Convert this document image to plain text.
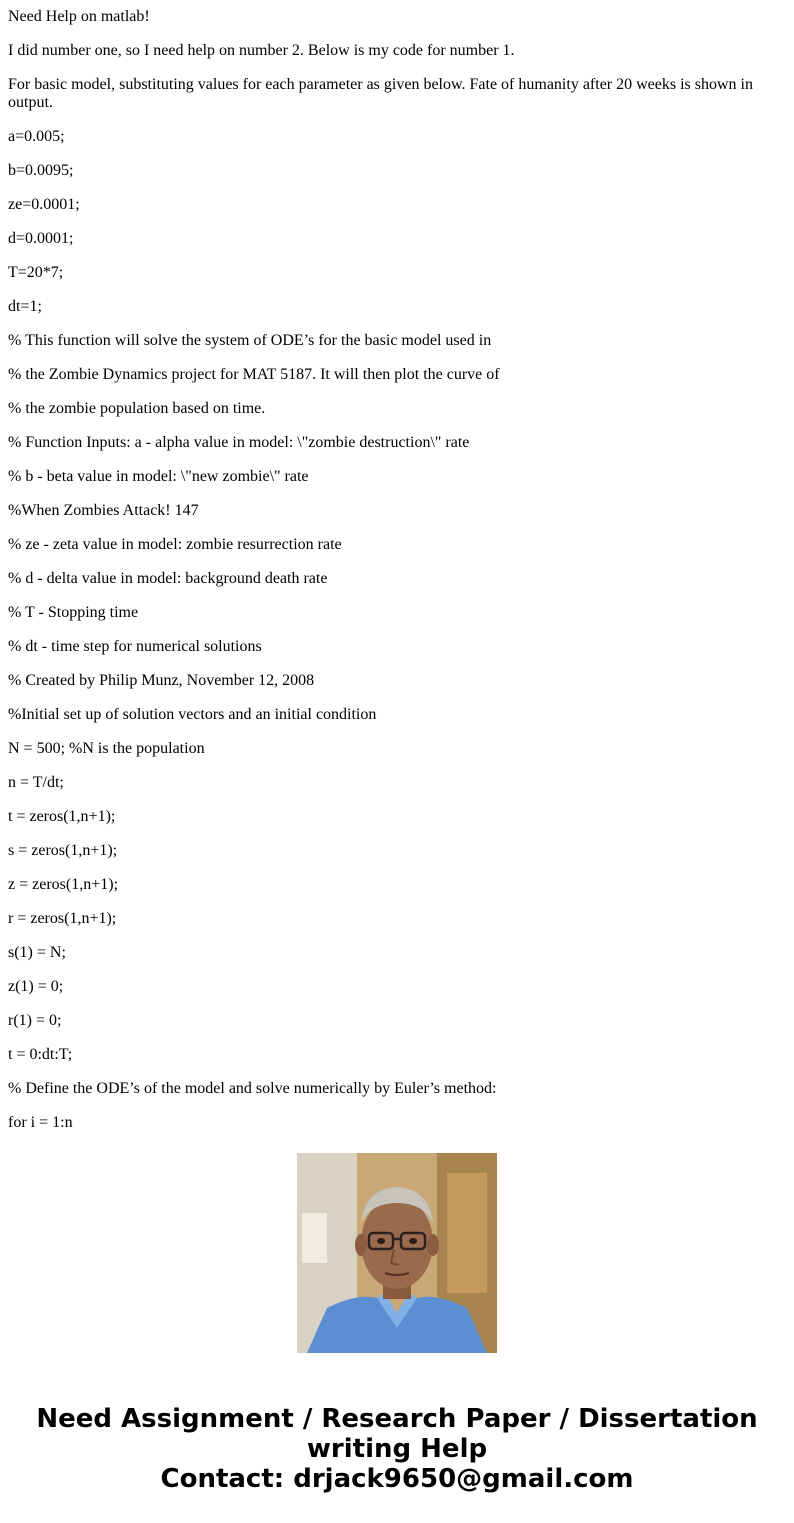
Need Help on matlab!

I did number one, so I need help on number 2. Below is my code for number 1.

For basic model, substituting values for each parameter as given below. Fate of humanity after 20 weeks is shown in output.

a=0.005;

b=0.0095;

ze=0.0001;

d=0.0001;

T=20*7;

dt=1;

% This function will solve the system of ODE’s for the basic model used in

% the Zombie Dynamics project for MAT 5187. It will then plot the curve of

% the zombie population based on time.

% Function Inputs: a - alpha value in model: \"zombie destruction\" rate

% b - beta value in model: \"new zombie\" rate

%When Zombies Attack! 147

% ze - zeta value in model: zombie resurrection rate

% d - delta value in model: background death rate

% T - Stopping time

% dt - time step for numerical solutions

% Created by Philip Munz, November 12, 2008

%Initial set up of solution vectors and an initial condition

N = 500; %N is the population

n = T/dt;

t = zeros(1,n+1);

s = zeros(1,n+1);

z = zeros(1,n+1);

r = zeros(1,n+1);

s(1) = N;

z(1) = 0;

r(1) = 0;

t = 0:dt:T;

% Define the ODE’s of the model and solve numerically by Euler’s method:

for i = 1:n

Need Assignment / Research Paper / Dissertation
writing Help
Contact: drjack9650@gmail.com
